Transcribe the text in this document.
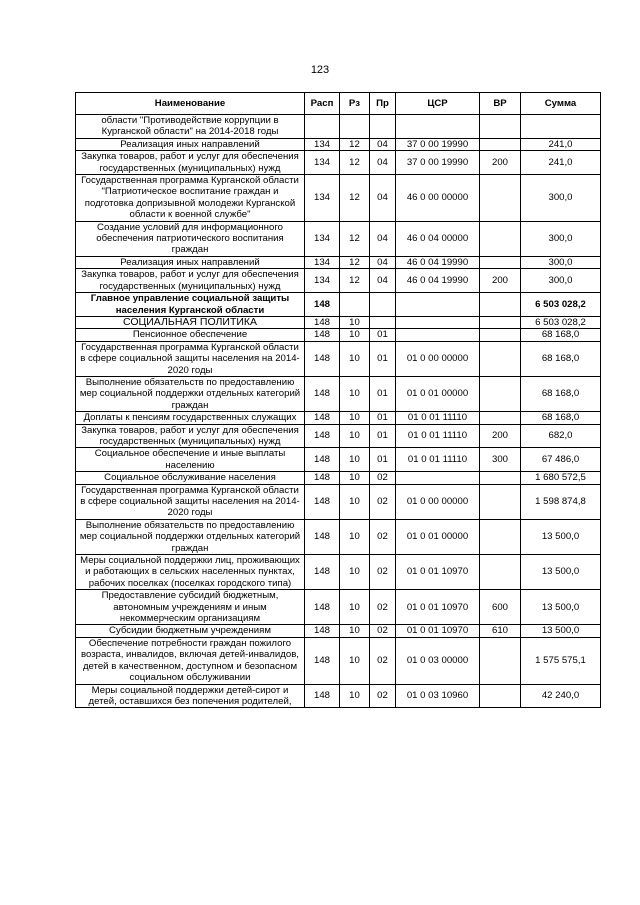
123
Наименование	Расп	Рз	Пр	ЦСР	ВР	Сумма
области "Противодействие коррупции в Курганской области" на 2014-2018 годы						
Реализация иных направлений	134	12	04	37 0 00 19990		241,0
Закупка товаров, работ и услуг для обеспечения государственных (муниципальных) нужд	134	12	04	37 0 00 19990	200	241,0
Государственная программа Курганской области "Патриотическое воспитание граждан и подготовка допризывной молодежи Курганской области к военной службе"	134	12	04	46 0 00 00000		300,0
Создание условий для информационного обеспечения патриотического воспитания граждан	134	12	04	46 0 04 00000		300,0
Реализация иных направлений	134	12	04	46 0 04 19990		300,0
Закупка товаров, работ и услуг для обеспечения государственных (муниципальных) нужд	134	12	04	46 0 04 19990	200	300,0
Главное управление социальной защиты населения Курганской области	148					6 503 028,2
СОЦИАЛЬНАЯ ПОЛИТИКА	148	10				6 503 028,2
Пенсионное обеспечение	148	10	01			68 168,0
Государственная программа Курганской области в сфере социальной защиты населения на 2014-2020 годы	148	10	01	01 0 00 00000		68 168,0
Выполнение обязательств по предоставлению мер социальной поддержки отдельных категорий граждан	148	10	01	01 0 01 00000		68 168,0
Доплаты к пенсиям государственных служащих	148	10	01	01 0 01 11110		68 168,0
Закупка товаров, работ и услуг для обеспечения государственных (муниципальных) нужд	148	10	01	01 0 01 11110	200	682,0
Социальное обеспечение и иные выплаты населению	148	10	01	01 0 01 11110	300	67 486,0
Социальное обслуживание населения	148	10	02			1 680 572,5
Государственная программа Курганской области в сфере социальной защиты населения на 2014-2020 годы	148	10	02	01 0 00 00000		1 598 874,8
Выполнение обязательств по предоставлению мер социальной поддержки отдельных категорий граждан	148	10	02	01 0 01 00000		13 500,0
Меры социальной поддержки лиц, проживающих и работающих в сельских населенных пунктах, рабочих поселках (поселках городского типа)	148	10	02	01 0 01 10970		13 500,0
Предоставление субсидий бюджетным, автономным учреждениям и иным некоммерческим организациям	148	10	02	01 0 01 10970	600	13 500,0
Субсидии бюджетным учреждениям	148	10	02	01 0 01 10970	610	13 500,0
Обеспечение потребности граждан пожилого возраста, инвалидов, включая детей-инвалидов, детей в качественном, доступном и безопасном социальном обслуживании	148	10	02	01 0 03 00000		1 575 575,1
Меры социальной поддержки детей-сирот и детей, оставшихся без попечения родителей,	148	10	02	01 0 03 10960		42 240,0
